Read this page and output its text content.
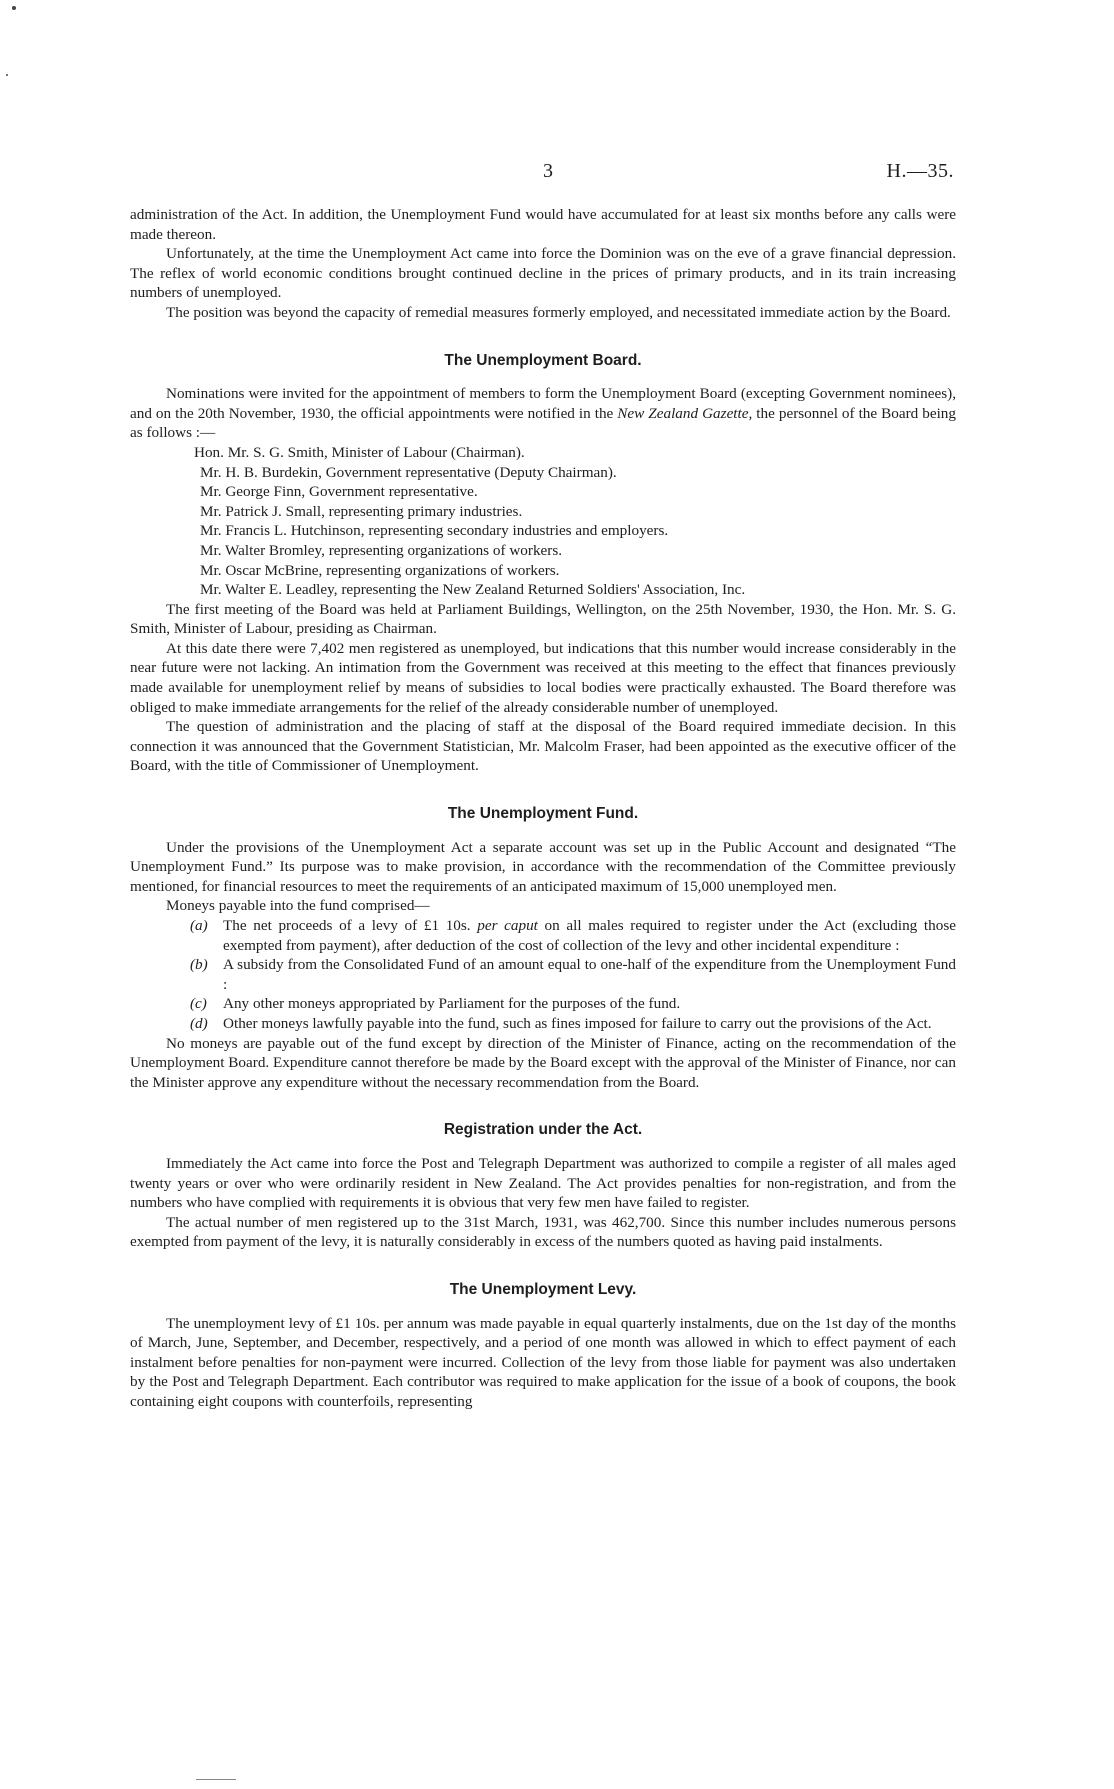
3	H.—35.

administration of the Act. In addition, the Unemployment Fund would have accumulated for at least six months before any calls were made thereon.

Unfortunately, at the time the Unemployment Act came into force the Dominion was on the eve of a grave financial depression. The reflex of world economic conditions brought continued decline in the prices of primary products, and in its train increasing numbers of unemployed.

The position was beyond the capacity of remedial measures formerly employed, and necessitated immediate action by the Board.

The Unemployment Board.

Nominations were invited for the appointment of members to form the Unemployment Board (excepting Government nominees), and on the 20th November, 1930, the official appointments were notified in the New Zealand Gazette, the personnel of the Board being as follows :—

Hon. Mr. S. G. Smith, Minister of Labour (Chairman).
Mr. H. B. Burdekin, Government representative (Deputy Chairman).
Mr. George Finn, Government representative.
Mr. Patrick J. Small, representing primary industries.
Mr. Francis L. Hutchinson, representing secondary industries and employers.
Mr. Walter Bromley, representing organizations of workers.
Mr. Oscar McBrine, representing organizations of workers.
Mr. Walter E. Leadley, representing the New Zealand Returned Soldiers' Association, Inc.

The first meeting of the Board was held at Parliament Buildings, Wellington, on the 25th November, 1930, the Hon. Mr. S. G. Smith, Minister of Labour, presiding as Chairman.

At this date there were 7,402 men registered as unemployed, but indications that this number would increase considerably in the near future were not lacking. An intimation from the Government was received at this meeting to the effect that finances previously made available for unemployment relief by means of subsidies to local bodies were practically exhausted. The Board therefore was obliged to make immediate arrangements for the relief of the already considerable number of unemployed.

The question of administration and the placing of staff at the disposal of the Board required immediate decision. In this connection it was announced that the Government Statistician, Mr. Malcolm Fraser, had been appointed as the executive officer of the Board, with the title of Commissioner of Unemployment.

The Unemployment Fund.

Under the provisions of the Unemployment Act a separate account was set up in the Public Account and designated “The Unemployment Fund.” Its purpose was to make provision, in accordance with the recommendation of the Committee previously mentioned, for financial resources to meet the requirements of an anticipated maximum of 15,000 unemployed men.

Moneys payable into the fund comprised—

(a) The net proceeds of a levy of £1 10s. per caput on all males required to register under the Act (excluding those exempted from payment), after deduction of the cost of collection of the levy and other incidental expenditure :
(b) A subsidy from the Consolidated Fund of an amount equal to one-half of the expenditure from the Unemployment Fund :
(c) Any other moneys appropriated by Parliament for the purposes of the fund.
(d) Other moneys lawfully payable into the fund, such as fines imposed for failure to carry out the provisions of the Act.

No moneys are payable out of the fund except by direction of the Minister of Finance, acting on the recommendation of the Unemployment Board. Expenditure cannot therefore be made by the Board except with the approval of the Minister of Finance, nor can the Minister approve any expenditure without the necessary recommendation from the Board.

Registration under the Act.

Immediately the Act came into force the Post and Telegraph Department was authorized to compile a register of all males aged twenty years or over who were ordinarily resident in New Zealand. The Act provides penalties for non-registration, and from the numbers who have complied with requirements it is obvious that very few men have failed to register.

The actual number of men registered up to the 31st March, 1931, was 462,700. Since this number includes numerous persons exempted from payment of the levy, it is naturally considerably in excess of the numbers quoted as having paid instalments.

The Unemployment Levy.

The unemployment levy of £1 10s. per annum was made payable in equal quarterly instalments, due on the 1st day of the months of March, June, September, and December, respectively, and a period of one month was allowed in which to effect payment of each instalment before penalties for non-payment were incurred. Collection of the levy from those liable for payment was also undertaken by the Post and Telegraph Department. Each contributor was required to make application for the issue of a book of coupons, the book containing eight coupons with counterfoils, representing
